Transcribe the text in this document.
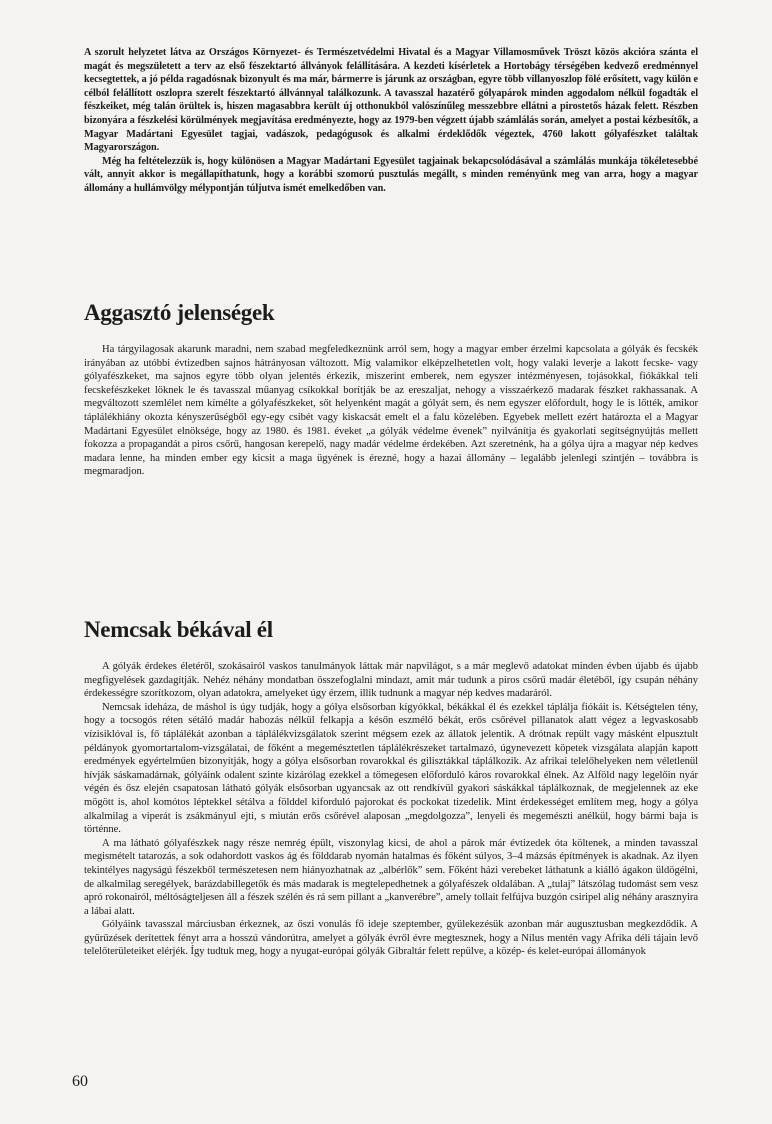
A szorult helyzetet látva az Országos Környezet- és Természetvédelmi Hivatal és a Magyar Villamosművek Tröszt közös akcióra szánta el magát és megszületett a terv az első fészektartó állványok felállítására. A kezdeti kísérletek a Hortobágy térségében kedvező eredménnyel kecsegtettek, a jó példa ragadósnak bizonyult és ma már, bármerre is járunk az országban, egyre több villanyoszlop fölé erősített, vagy külön e célból felállított oszlopra szerelt fészektartó állvánnyal találkozunk. A tavasszal hazatérő gólyapárok minden aggodalom nélkül fogadták el fészkeiket, még talán örültek is, hiszen magasabbra került új otthonukból valószínűleg messzebbre ellátni a pirostetős házak felett. Részben bizonyára a fészkelési körülmények megjavítása eredményezte, hogy az 1979-ben végzett újabb számlálás során, amelyet a postai kézbesítők, a Magyar Madártani Egyesület tagjai, vadászok, pedagógusok és alkalmi érdeklődők végeztek, 4760 lakott gólyafészket találtak Magyarországon.

Még ha feltételezzük is, hogy különösen a Magyar Madártani Egyesület tagjainak bekapcsolódásával a számlálás munkája tökéletesebbé vált, annyit akkor is megállapíthatunk, hogy a korábbi szomorú pusztulás megállt, s minden reményünk meg van arra, hogy a magyar állomány a hullámvölgy mélypontján túljutva ismét emelkedőben van.

Aggasztó jelenségek

Ha tárgyilagosak akarunk maradni, nem szabad megfeledkeznünk arról sem, hogy a magyar ember érzelmi kapcsolata a gólyák és fecskék irányában az utóbbi évtizedben sajnos hátrányosan változott. Míg valamikor elképzelhetetlen volt, hogy valaki leverje a lakott fecske- vagy gólyafészkeket, ma sajnos egyre több olyan jelentés érkezik, miszerint emberek, nem egyszer intézményesen, tojásokkal, fiókákkal teli fecskefészkeket löknek le és tavasszal műanyag csíkokkal borítják be az ereszaljat, nehogy a visszaérkező madarak fészket rakhassanak. A megváltozott szemlélet nem kímélte a gólyafészkeket, sőt helyenként magát a gólyát sem, és nem egyszer előfordult, hogy le is lőtték, amikor táplálékhiány okozta kényszerűségből egy-egy csibét vagy kiskacsát emelt el a falu közelében. Egyebek mellett ezért határozta el a Magyar Madártani Egyesület elnöksége, hogy az 1980. és 1981. éveket „a gólyák védelme évenek” nyilvánítja és gyakorlati segítségnyújtás mellett fokozza a propagandát a piros csőrű, hangosan kerepelő, nagy madár védelme érdekében. Azt szeretnénk, ha a gólya újra a magyar nép kedves madara lenne, ha minden ember egy kicsit a maga ügyének is érezné, hogy a hazai állomány – legalább jelenlegi szintjén – továbbra is megmaradjon.

Nemcsak békával él

A gólyák érdekes életéről, szokásairól vaskos tanulmányok láttak már napvilágot, s a már meglevő adatokat minden évben újabb és újabb megfigyelések gazdagítják. Nehéz néhány mondatban összefoglalni mindazt, amit már tudunk a piros csőrű madár életéből, így csupán néhány érdekességre szorítkozom, olyan adatokra, amelyeket úgy érzem, illik tudnunk a magyar nép kedves madaráról.

Nemcsak ideháza, de máshol is úgy tudják, hogy a gólya elsősorban kígyókkal, békákkal él és ezekkel táplálja fiókáit is. Kétségtelen tény, hogy a tocsogós réten sétáló madár habozás nélkül felkapja a későn eszmélő békát, erős csőrével pillanatok alatt végez a legvaskosabb vízisiklóval is, fő táplálékát azonban a táplálékvizsgálatok szerint mégsem ezek az állatok jelentik. A drótnak repült vagy másként elpusztult példányok gyomortartalom-vizsgálatai, de főként a megemésztetlen táplálékrészeket tartalmazó, úgynevezett köpetek vizsgálata alapján kapott eredmények egyértelműen bizonyítják, hogy a gólya elsősorban rovarokkal és gilisztákkal táplálkozik. Az afrikai telelőhelyeken nem véletlenül hívják sáskamadárnak, gólyáink odalent szinte kizárólag ezekkel a tömegesen előforduló káros rovarokkal élnek. Az Alföld nagy legelőin nyár végén és ősz elején csapatosan látható gólyák elsősorban ugyancsak az ott rendkívül gyakori sáskákkal táplálkoznak, de megjelennek az eke mögött is, ahol komótos léptekkel sétálva a földdel kiforduló pajorokat és pockokat tizedelik. Mint érdekességet említem meg, hogy a gólya alkalmilag a viperát is zsákmányul ejti, s miután erős csőrével alaposan „megdolgozza”, lenyeli és megemészti anélkül, hogy bármi baja is történne.

A ma látható gólyafészkek nagy része nemrég épült, viszonylag kicsi, de ahol a párok már évtizedek óta költenek, a minden tavasszal megismételt tatarozás, a sok odahordott vaskos ág és földdarab nyomán hatalmas és főként súlyos, 3–4 mázsás építmények is akadnak. Az ilyen tekintélyes nagyságú fészekből természetesen nem hiányozhatnak az „albérlők” sem. Főként házi verebeket láthatunk a kiálló ágakon üldögélni, de alkalmilag seregélyek, barázdabillegetők és más madarak is megtelepedhetnek a gólyafészek oldalában. A „tulaj” látszólag tudomást sem vesz apró rokonairól, méltóságteljesen áll a fészek szélén és rá sem pillant a „kanverébre”, amely tollait felfújva buzgón csiripel alig néhány arasznyira a lábai alatt.

Gólyáink tavasszal márciusban érkeznek, az őszi vonulás fő ideje szeptember, gyülekezésük azonban már augusztusban megkezdődik. A gyűrűzések derítettek fényt arra a hosszú vándorútra, amelyet a gólyák évről évre megtesznek, hogy a Nílus mentén vagy Afrika déli tájain levő telelőterületeiket elérjék. Így tudtuk meg, hogy a nyugat-európai gólyák Gibraltár felett repülve, a közép- és kelet-európai állományok

60
